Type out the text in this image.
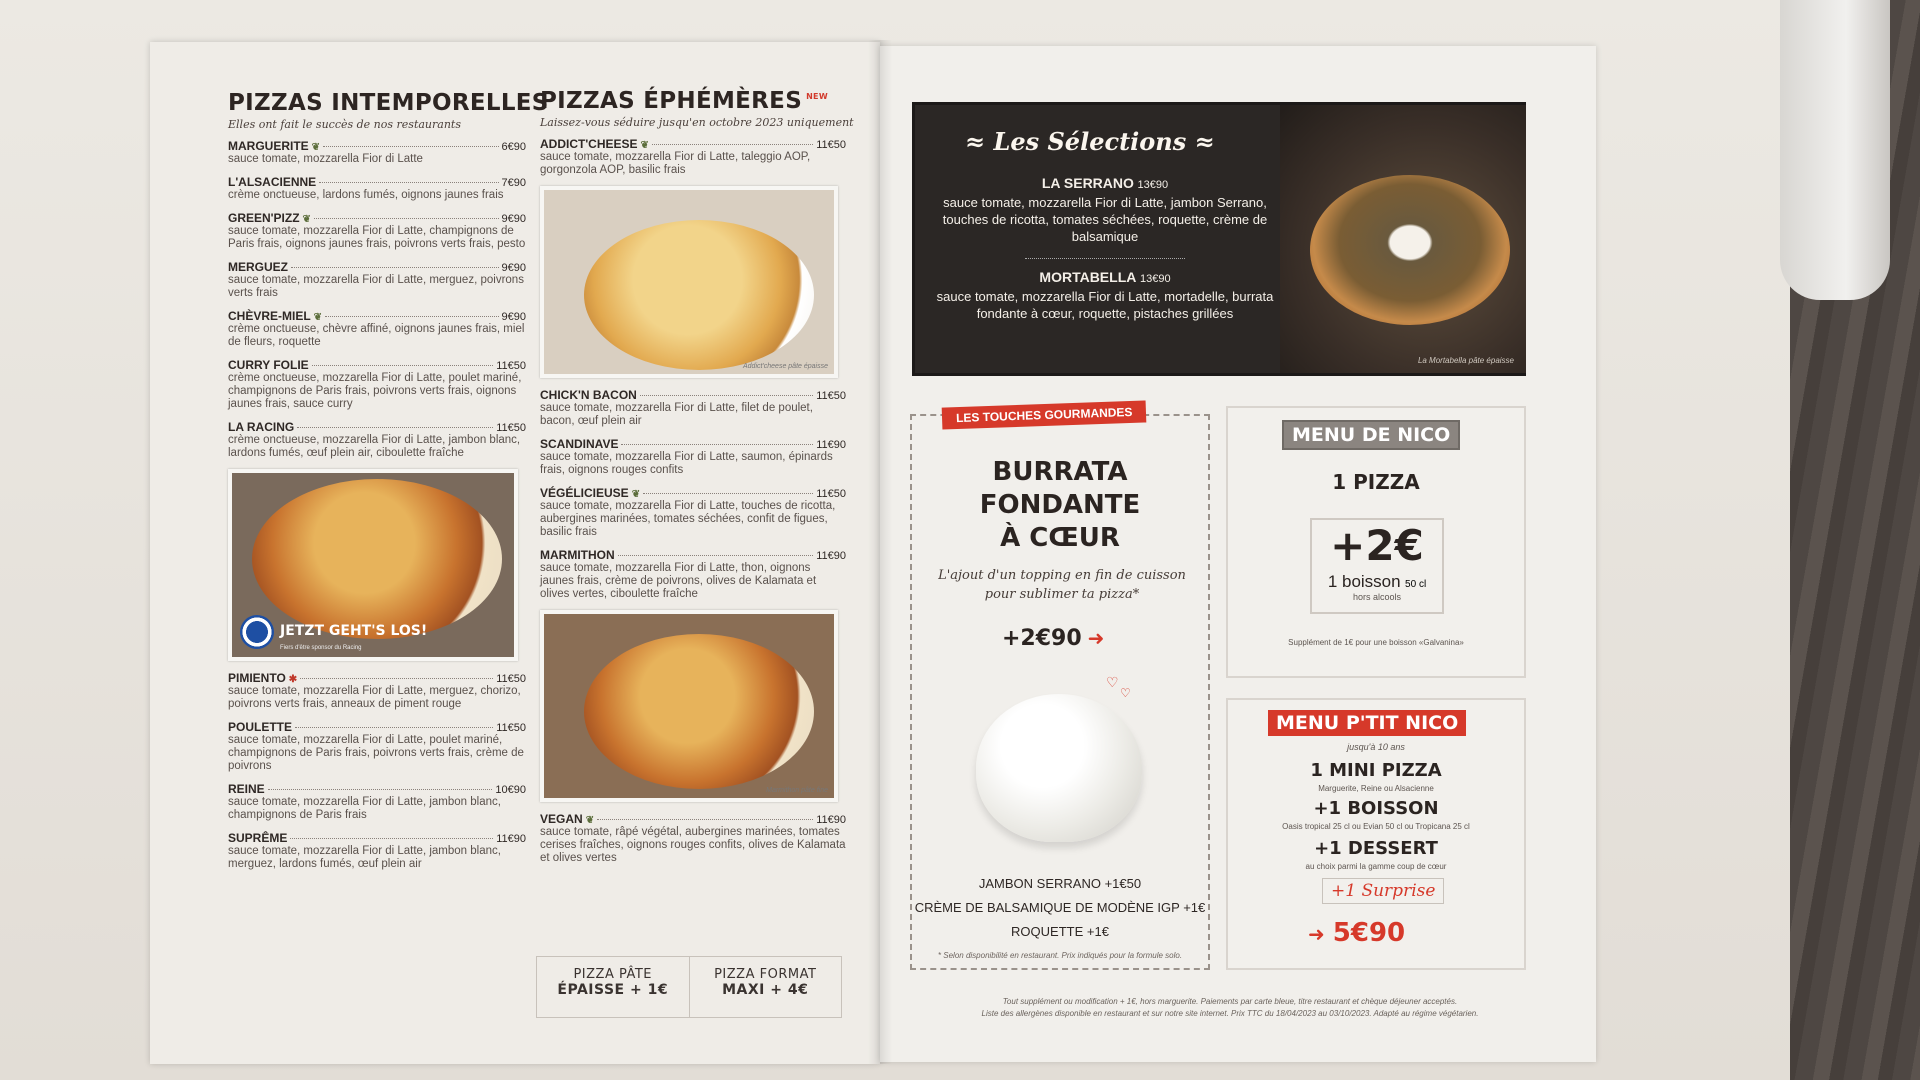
PIZZAS INTEMPORELLES
Elles ont fait le succès de nos restaurants
MARGUERITE ❦	6€90
sauce tomate, mozzarella Fior di Latte
L'ALSACIENNE	7€90
crème onctueuse, lardons fumés, oignons jaunes frais
GREEN'PIZZ ❦	9€90
sauce tomate, mozzarella Fior di Latte, champignons de Paris frais, oignons jaunes frais, poivrons verts frais, pesto
MERGUEZ	9€90
sauce tomate, mozzarella Fior di Latte, merguez, poivrons verts frais
CHÈVRE-MIEL ❦	9€90
crème onctueuse, chèvre affiné, oignons jaunes frais, miel de fleurs, roquette
CURRY FOLIE	11€50
crème onctueuse, mozzarella Fior di Latte, poulet mariné, champignons de Paris frais, poivrons verts frais, oignons jaunes frais, sauce curry
LA RACING	11€50
crème onctueuse, mozzarella Fior di Latte, jambon blanc, lardons fumés, œuf plein air, ciboulette fraîche
JETZT GEHT'S LOS!
Fiers d'être sponsor du Racing
PIMIENTO ✱	11€50
sauce tomate, mozzarella Fior di Latte, merguez, chorizo, poivrons verts frais, anneaux de piment rouge
POULETTE	11€50
sauce tomate, mozzarella Fior di Latte, poulet mariné, champignons de Paris frais, poivrons verts frais, crème de poivrons
REINE	10€90
sauce tomate, mozzarella Fior di Latte, jambon blanc, champignons de Paris frais
SUPRÊME	11€90
sauce tomate, mozzarella Fior di Latte, jambon blanc, merguez, lardons fumés, œuf plein air
PIZZAS ÉPHÉMÈRES $^{NEW}$
Laissez-vous séduire jusqu'en octobre 2023 uniquement
ADDICT'CHEESE ❦	11€50
sauce tomate, mozzarella Fior di Latte, taleggio AOP, gorgonzola AOP, basilic frais
Addict'cheese pâte épaisse
CHICK'N BACON	11€50
sauce tomate, mozzarella Fior di Latte, filet de poulet, bacon, œuf plein air
SCANDINAVE	11€90
sauce tomate, mozzarella Fior di Latte, saumon, épinards frais, oignons rouges confits
VÉGÉLICIEUSE ❦	11€50
sauce tomate, mozzarella Fior di Latte, touches de ricotta, aubergines marinées, tomates séchées, confit de figues, basilic frais
MARMITHON	11€90
sauce tomate, mozzarella Fior di Latte, thon, oignons jaunes frais, crème de poivrons, olives de Kalamata et olives vertes, ciboulette fraîche
Marmithon pâte fine
VEGAN ❦	11€90
sauce tomate, râpé végétal, aubergines marinées, tomates cerises fraîches, oignons rouges confits, olives de Kalamata et olives vertes
PIZZA PÂTE
ÉPAISSE + 1€
PIZZA FORMAT
MAXI + 4€
≈ Les Sélections ≈
LA SERRANO 13€90
sauce tomate, mozzarella Fior di Latte, jambon Serrano, touches de ricotta, tomates séchées, roquette, crème de balsamique
MORTABELLA 13€90
sauce tomate, mozzarella Fior di Latte, mortadelle, burrata fondante à cœur, roquette, pistaches grillées
La Mortabella pâte épaisse
LES TOUCHES GOURMANDES
BURRATA
FONDANTE
À CŒUR
L'ajout d'un topping en fin de cuisson pour sublimer ta pizza*
+2€90 ➜
♡
♡
JAMBON SERRANO +1€50
CRÈME DE BALSAMIQUE DE MODÈNE IGP +1€
ROQUETTE +1€
* Selon disponibilité en restaurant. Prix indiqués pour la formule solo.
MENU DE NICO
1 PIZZA
+2€
1 boisson 50 cl
hors alcools
Supplément de 1€ pour une boisson «Galvanina»
MENU P'TIT NICO
jusqu'à 10 ans
1 MINI PIZZA
Marguerite, Reine ou Alsacienne
+1 BOISSON
Oasis tropical 25 cl ou Evian 50 cl ou Tropicana 25 cl
+1 DESSERT
au choix parmi la gamme coup de cœur
+1 Surprise
➜ 5€90
Tout supplément ou modification + 1€, hors marguerite. Paiements par carte bleue, titre restaurant et chèque déjeuner acceptés.
Liste des allergènes disponible en restaurant et sur notre site internet. Prix TTC du 18/04/2023 au 03/10/2023. Adapté au régime végétarien.
